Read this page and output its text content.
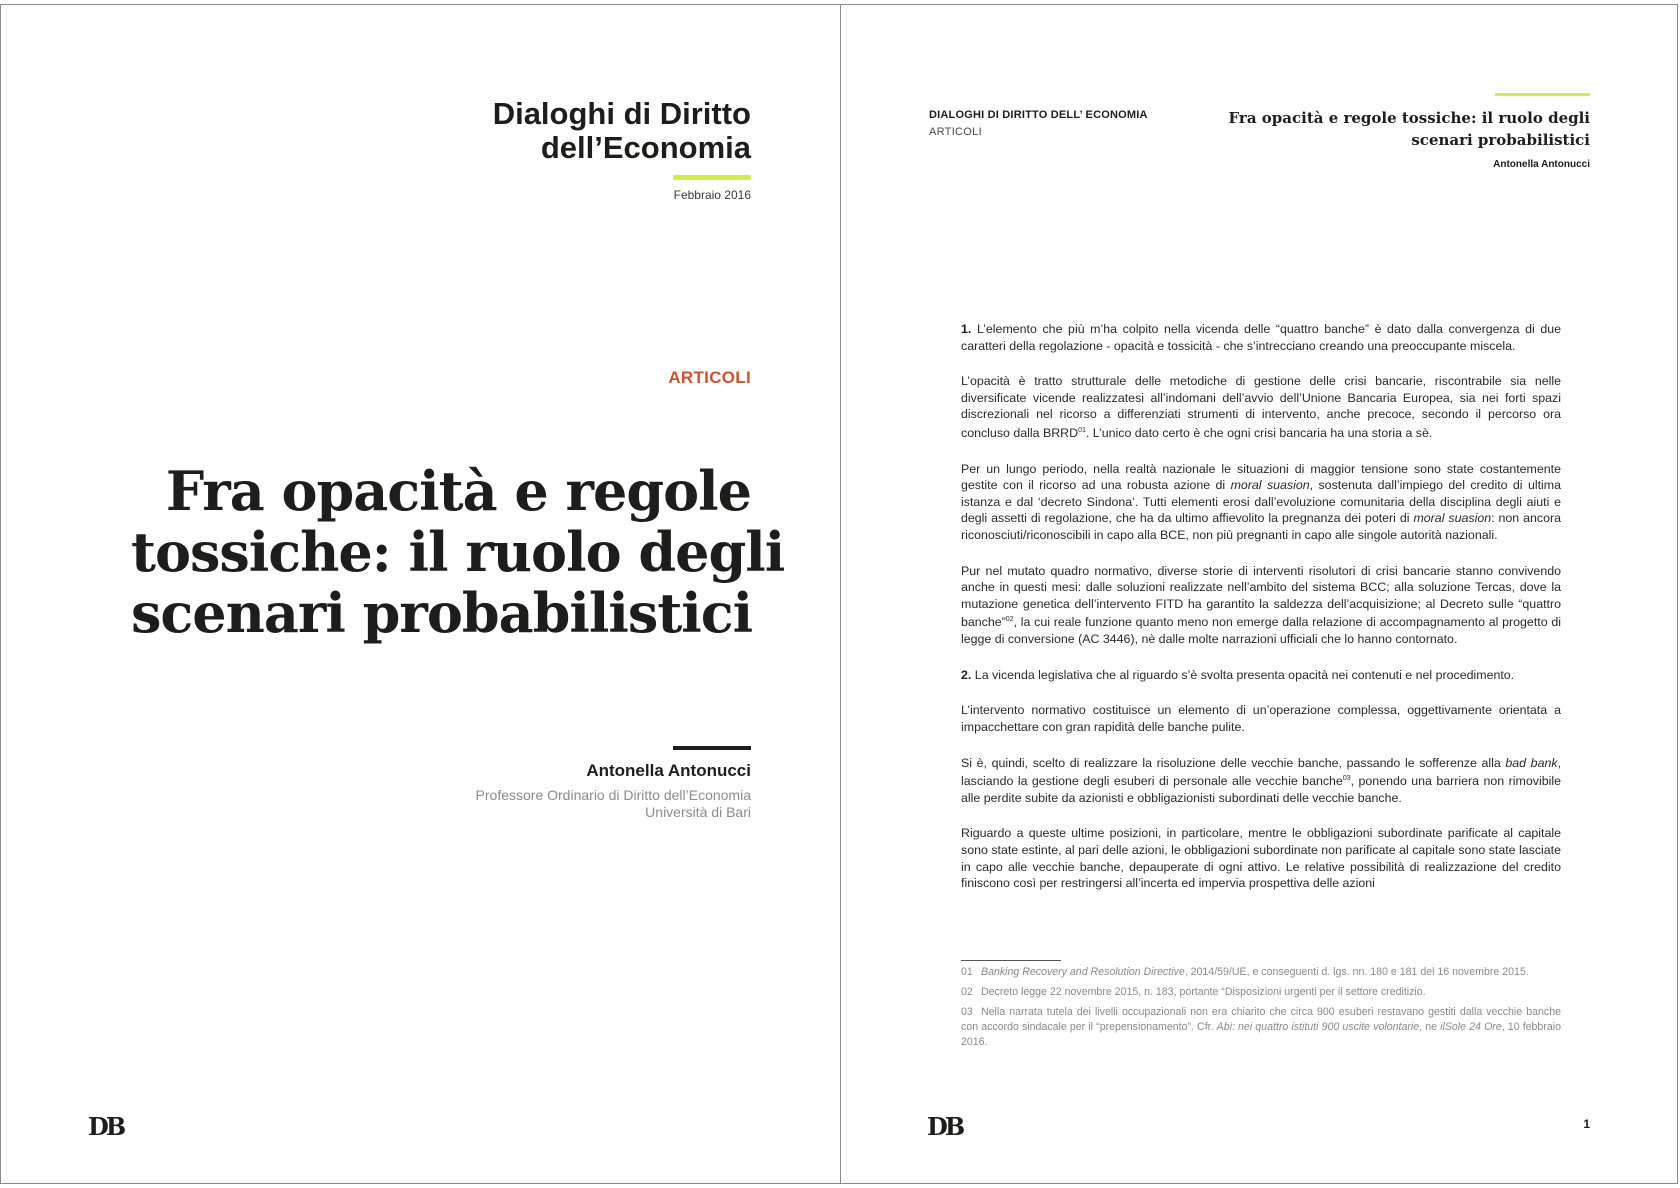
Dialoghi di Diritto
dell’Economia
Febbraio 2016
ARTICOLI
Fra opacità e regole
tossiche: il ruolo degli
scenari probabilistici
Antonella Antonucci
Professore Ordinario di Diritto dell’Economia
Università di Bari
DB
DIALOGHI DI DIRITTO DELL’ ECONOMIA
ARTICOLI
Fra opacità e regole tossiche: il ruolo degli
scenari probabilistici
Antonella Antonucci

1. L’elemento che più m’ha colpito nella vicenda delle “quattro banche” è dato dalla convergenza di due caratteri della regolazione - opacità e tossicità - che s’intrecciano creando una preoccupante miscela.

L’opacità è tratto strutturale delle metodiche di gestione delle crisi bancarie, riscontrabile sia nelle diversificate vicende realizzatesi all’indomani dell’avvio dell’Unione Bancaria Europea, sia nei forti spazi discrezionali nel ricorso a differenziati strumenti di intervento, anche precoce, secondo il percorso ora concluso dalla BRRD$^{01}$. L’unico dato certo è che ogni crisi bancaria ha una storia a sè.

Per un lungo periodo, nella realtà nazionale le situazioni di maggior tensione sono state costantemente gestite con il ricorso ad una robusta azione di moral suasion, sostenuta dall’impiego del credito di ultima istanza e dal ‘decreto Sindona’. Tutti elementi erosi dall’evoluzione comunitaria della disciplina degli aiuti e degli assetti di regolazione, che ha da ultimo affievolito la pregnanza dei poteri di moral suasion: non ancora riconosciuti/riconoscibili in capo alla BCE, non più pregnanti in capo alle singole autorità nazionali.

Pur nel mutato quadro normativo, diverse storie di interventi risolutori di crisi bancarie stanno convivendo anche in questi mesi: dalle soluzioni realizzate nell’ambito del sistema BCC; alla soluzione Tercas, dove la mutazione genetica dell’intervento FITD ha garantito la saldezza dell’acquisizione; al Decreto sulle “quattro banche”$^{02}$, la cui reale funzione quanto meno non emerge dalla relazione di accompagnamento al progetto di legge di conversione (AC 3446), nè dalle molte narrazioni ufficiali che lo hanno contornato.

2. La vicenda legislativa che al riguardo s’è svolta presenta opacità nei contenuti e nel procedimento.

L’intervento normativo costituisce un elemento di un’operazione complessa, oggettivamente orientata a impacchettare con gran rapidità delle banche pulite.

Si è, quindi, scelto di realizzare la risoluzione delle vecchie banche, passando le sofferenze alla bad bank, lasciando la gestione degli esuberi di personale alle vecchie banche$^{03}$, ponendo una barriera non rimovibile alle perdite subite da azionisti e obbligazionisti subordinati delle vecchie banche.

Riguardo a queste ultime posizioni, in particolare, mentre le obbligazioni subordinate parificate al capitale sono state estinte, al pari delle azioni, le obbligazioni subordinate non parificate al capitale sono state lasciate in capo alle vecchie banche, depauperate di ogni attivo. Le relative possibilità di realizzazione del credito finiscono così per restringersi all’incerta ed impervia prospettiva delle azioni

01 Banking Recovery and Resolution Directive, 2014/59/UE, e conseguenti d. lgs. nn. 180 e 181 del 16 novembre 2015.
02 Decreto legge 22 novembre 2015, n. 183, portante “Disposizioni urgenti per il settore creditizio.
03 Nella narrata tutela dei livelli occupazionali non era chiarito che circa 900 esuberi restavano gestiti dalla vecchie banche con accordo sindacale per il “prepensionamento”. Cfr. Abi: nei quattro istituti 900 uscite volontarie, ne ilSole 24 Ore, 10 febbraio 2016.
DB	1
